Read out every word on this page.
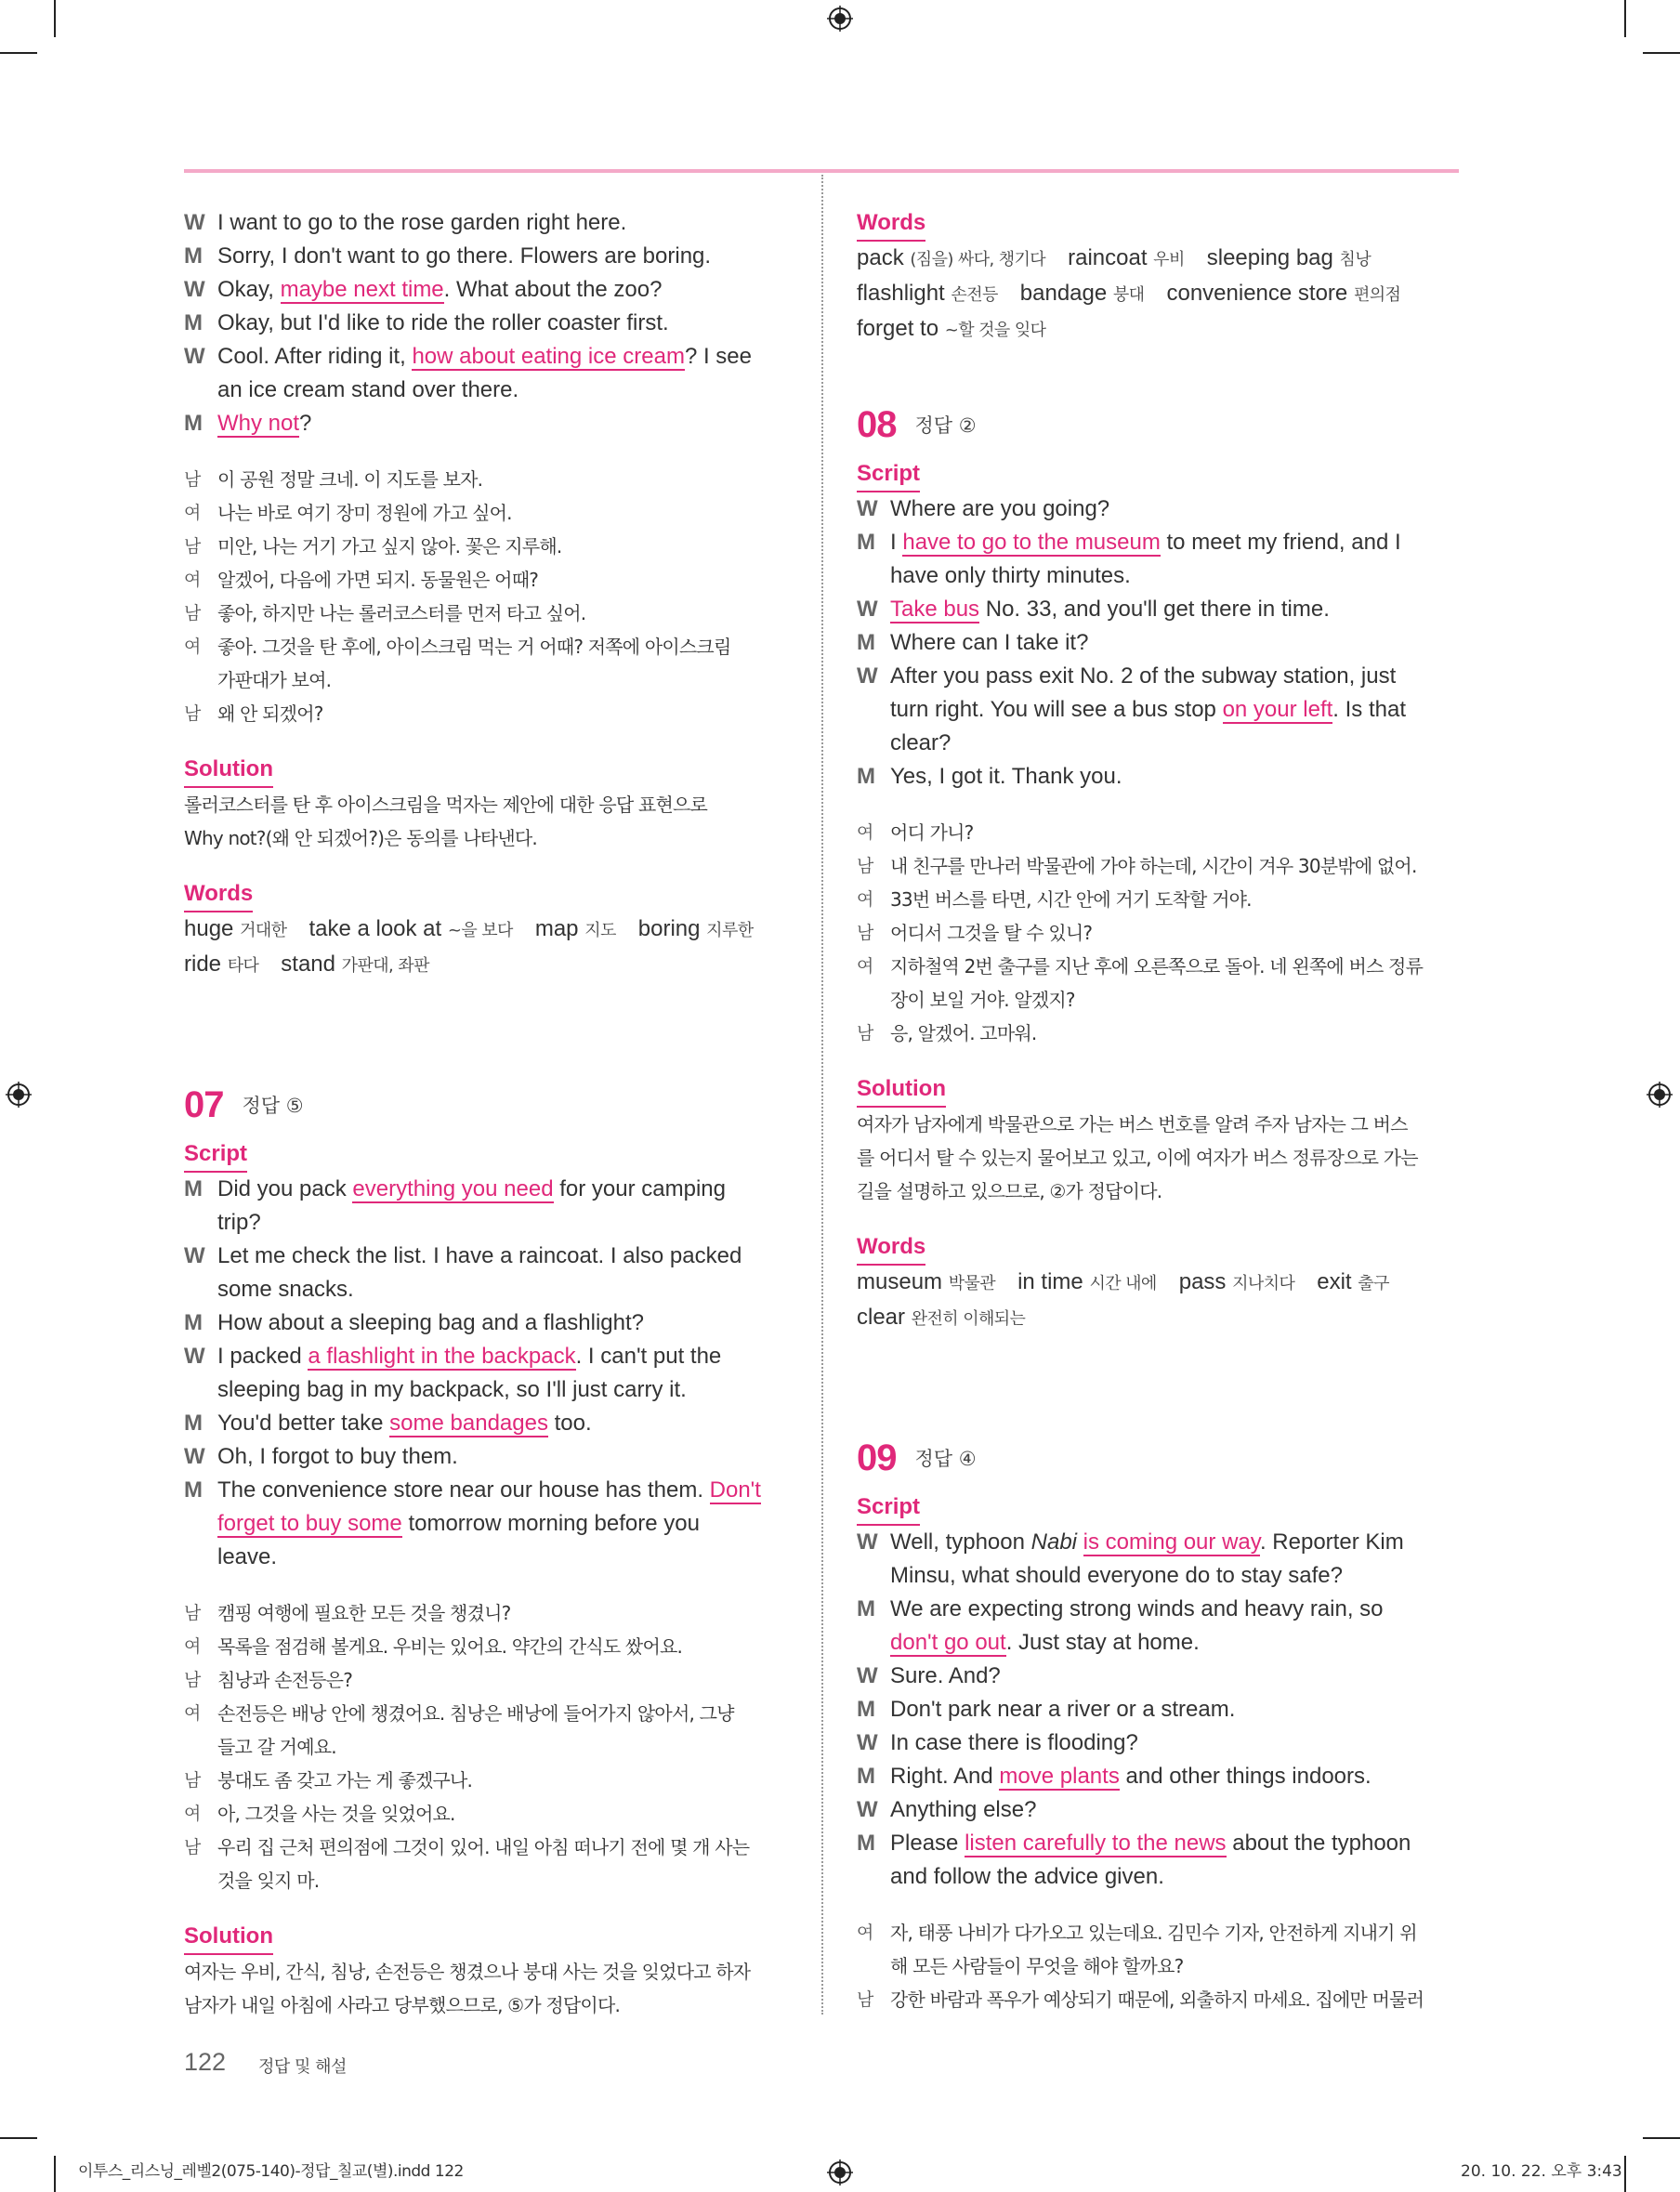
W I want to go to the rose garden right here.
M Sorry, I don't want to go there. Flowers are boring.
W Okay, maybe next time. What about the zoo?
M Okay, but I'd like to ride the roller coaster first.
W Cool. After riding it, how about eating ice cream? I see
an ice cream stand over there.
M Why not?
남 이 공원 정말 크네. 이 지도를 보자.
여 나는 바로 여기 장미 정원에 가고 싶어.
남 미안, 나는 거기 가고 싶지 않아. 꽃은 지루해.
여 알겠어, 다음에 가면 되지. 동물원은 어때?
남 좋아, 하지만 나는 롤러코스터를 먼저 타고 싶어.
여 좋아. 그것을 탄 후에, 아이스크림 먹는 거 어때? 저쪽에 아이스크림
가판대가 보여.
남 왜 안 되겠어?
Solution
롤러코스터를 탄 후 아이스크림을 먹자는 제안에 대한 응답 표현으로
Why not?(왜 안 되겠어?)은 동의를 나타낸다.
Words
huge 거대한  take a look at ~을 보다  map 지도  boring 지루한
ride 타다  stand 가판대, 좌판
07 정답 ⑤
Script
M Did you pack everything you need for your camping
trip?
W Let me check the list. I have a raincoat. I also packed
some snacks.
M How about a sleeping bag and a flashlight?
W I packed a flashlight in the backpack. I can't put the
sleeping bag in my backpack, so I'll just carry it.
M You'd better take some bandages too.
W Oh, I forgot to buy them.
M The convenience store near our house has them. Don't
forget to buy some tomorrow morning before you
leave.
남 캠핑 여행에 필요한 모든 것을 챙겼니?
여 목록을 점검해 볼게요. 우비는 있어요. 약간의 간식도 쌌어요.
남 침낭과 손전등은?
여 손전등은 배낭 안에 챙겼어요. 침낭은 배낭에 들어가지 않아서, 그냥
들고 갈 거예요.
남 붕대도 좀 갖고 가는 게 좋겠구나.
여 아, 그것을 사는 것을 잊었어요.
남 우리 집 근처 편의점에 그것이 있어. 내일 아침 떠나기 전에 몇 개 사는
것을 잊지 마.
Solution
여자는 우비, 간식, 침낭, 손전등은 챙겼으나 붕대 사는 것을 잊었다고 하자
남자가 내일 아침에 사라고 당부했으므로, ⑤가 정답이다.
Words
pack (짐을) 싸다, 챙기다  raincoat 우비  sleeping bag 침낭
flashlight 손전등  bandage 붕대  convenience store 편의점
forget to ~할 것을 잊다
08 정답 ②
Script
W Where are you going?
M I have to go to the museum to meet my friend, and I
have only thirty minutes.
W Take bus No. 33, and you'll get there in time.
M Where can I take it?
W After you pass exit No. 2 of the subway station, just
turn right. You will see a bus stop on your left. Is that
clear?
M Yes, I got it. Thank you.
여 어디 가니?
남 내 친구를 만나러 박물관에 가야 하는데, 시간이 겨우 30분밖에 없어.
여 33번 버스를 타면, 시간 안에 거기 도착할 거야.
남 어디서 그것을 탈 수 있니?
여 지하철역 2번 출구를 지난 후에 오른쪽으로 돌아. 네 왼쪽에 버스 정류
장이 보일 거야. 알겠지?
남 응, 알겠어. 고마워.
Solution
여자가 남자에게 박물관으로 가는 버스 번호를 알려 주자 남자는 그 버스
를 어디서 탈 수 있는지 물어보고 있고, 이에 여자가 버스 정류장으로 가는
길을 설명하고 있으므로, ②가 정답이다.
Words
museum 박물관  in time 시간 내에  pass 지나치다  exit 출구
clear 완전히 이해되는
09 정답 ④
Script
W Well, typhoon Nabi is coming our way. Reporter Kim
Minsu, what should everyone do to stay safe?
M We are expecting strong winds and heavy rain, so
don't go out. Just stay at home.
W Sure. And?
M Don't park near a river or a stream.
W In case there is flooding?
M Right. And move plants and other things indoors.
W Anything else?
M Please listen carefully to the news about the typhoon
and follow the advice given.
여 자, 태풍 나비가 다가오고 있는데요. 김민수 기자, 안전하게 지내기 위
해 모든 사람들이 무엇을 해야 할까요?
남 강한 바람과 폭우가 예상되기 때문에, 외출하지 마세요. 집에만 머물러
122 정답 및 해설
이투스_리스닝_레벨2(075-140)-정답_칠교(별).indd 122	20. 10. 22. 오후 3:43
